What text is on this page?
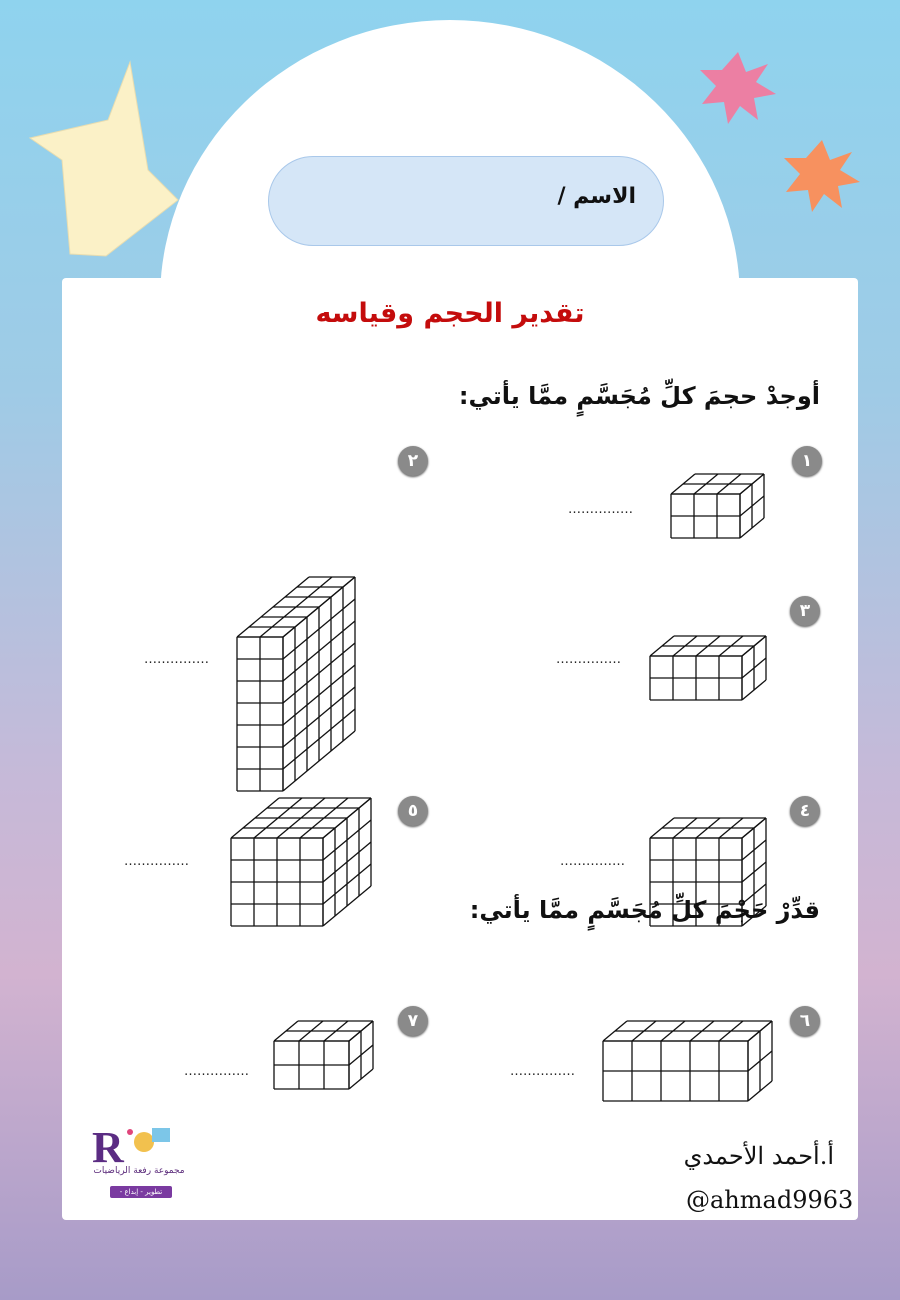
الاسم /
تقدير الحجم وقياسه
أوجدْ حجمَ كلِّ مُجَسَّمٍ ممَّا يأتي:
قدِّرْ حَجْمَ كلِّ مُجَسَّمٍ ممَّا يأتي:
١
٢
٣
٤
٥
٦
٧
……………
……………	……………
……………	……………
……………
……………
أ.أحمد الأحمدي
@ahmad9963
R
مجموعة رفعة الرياضيات
تطوير - إبداع - تواصل
